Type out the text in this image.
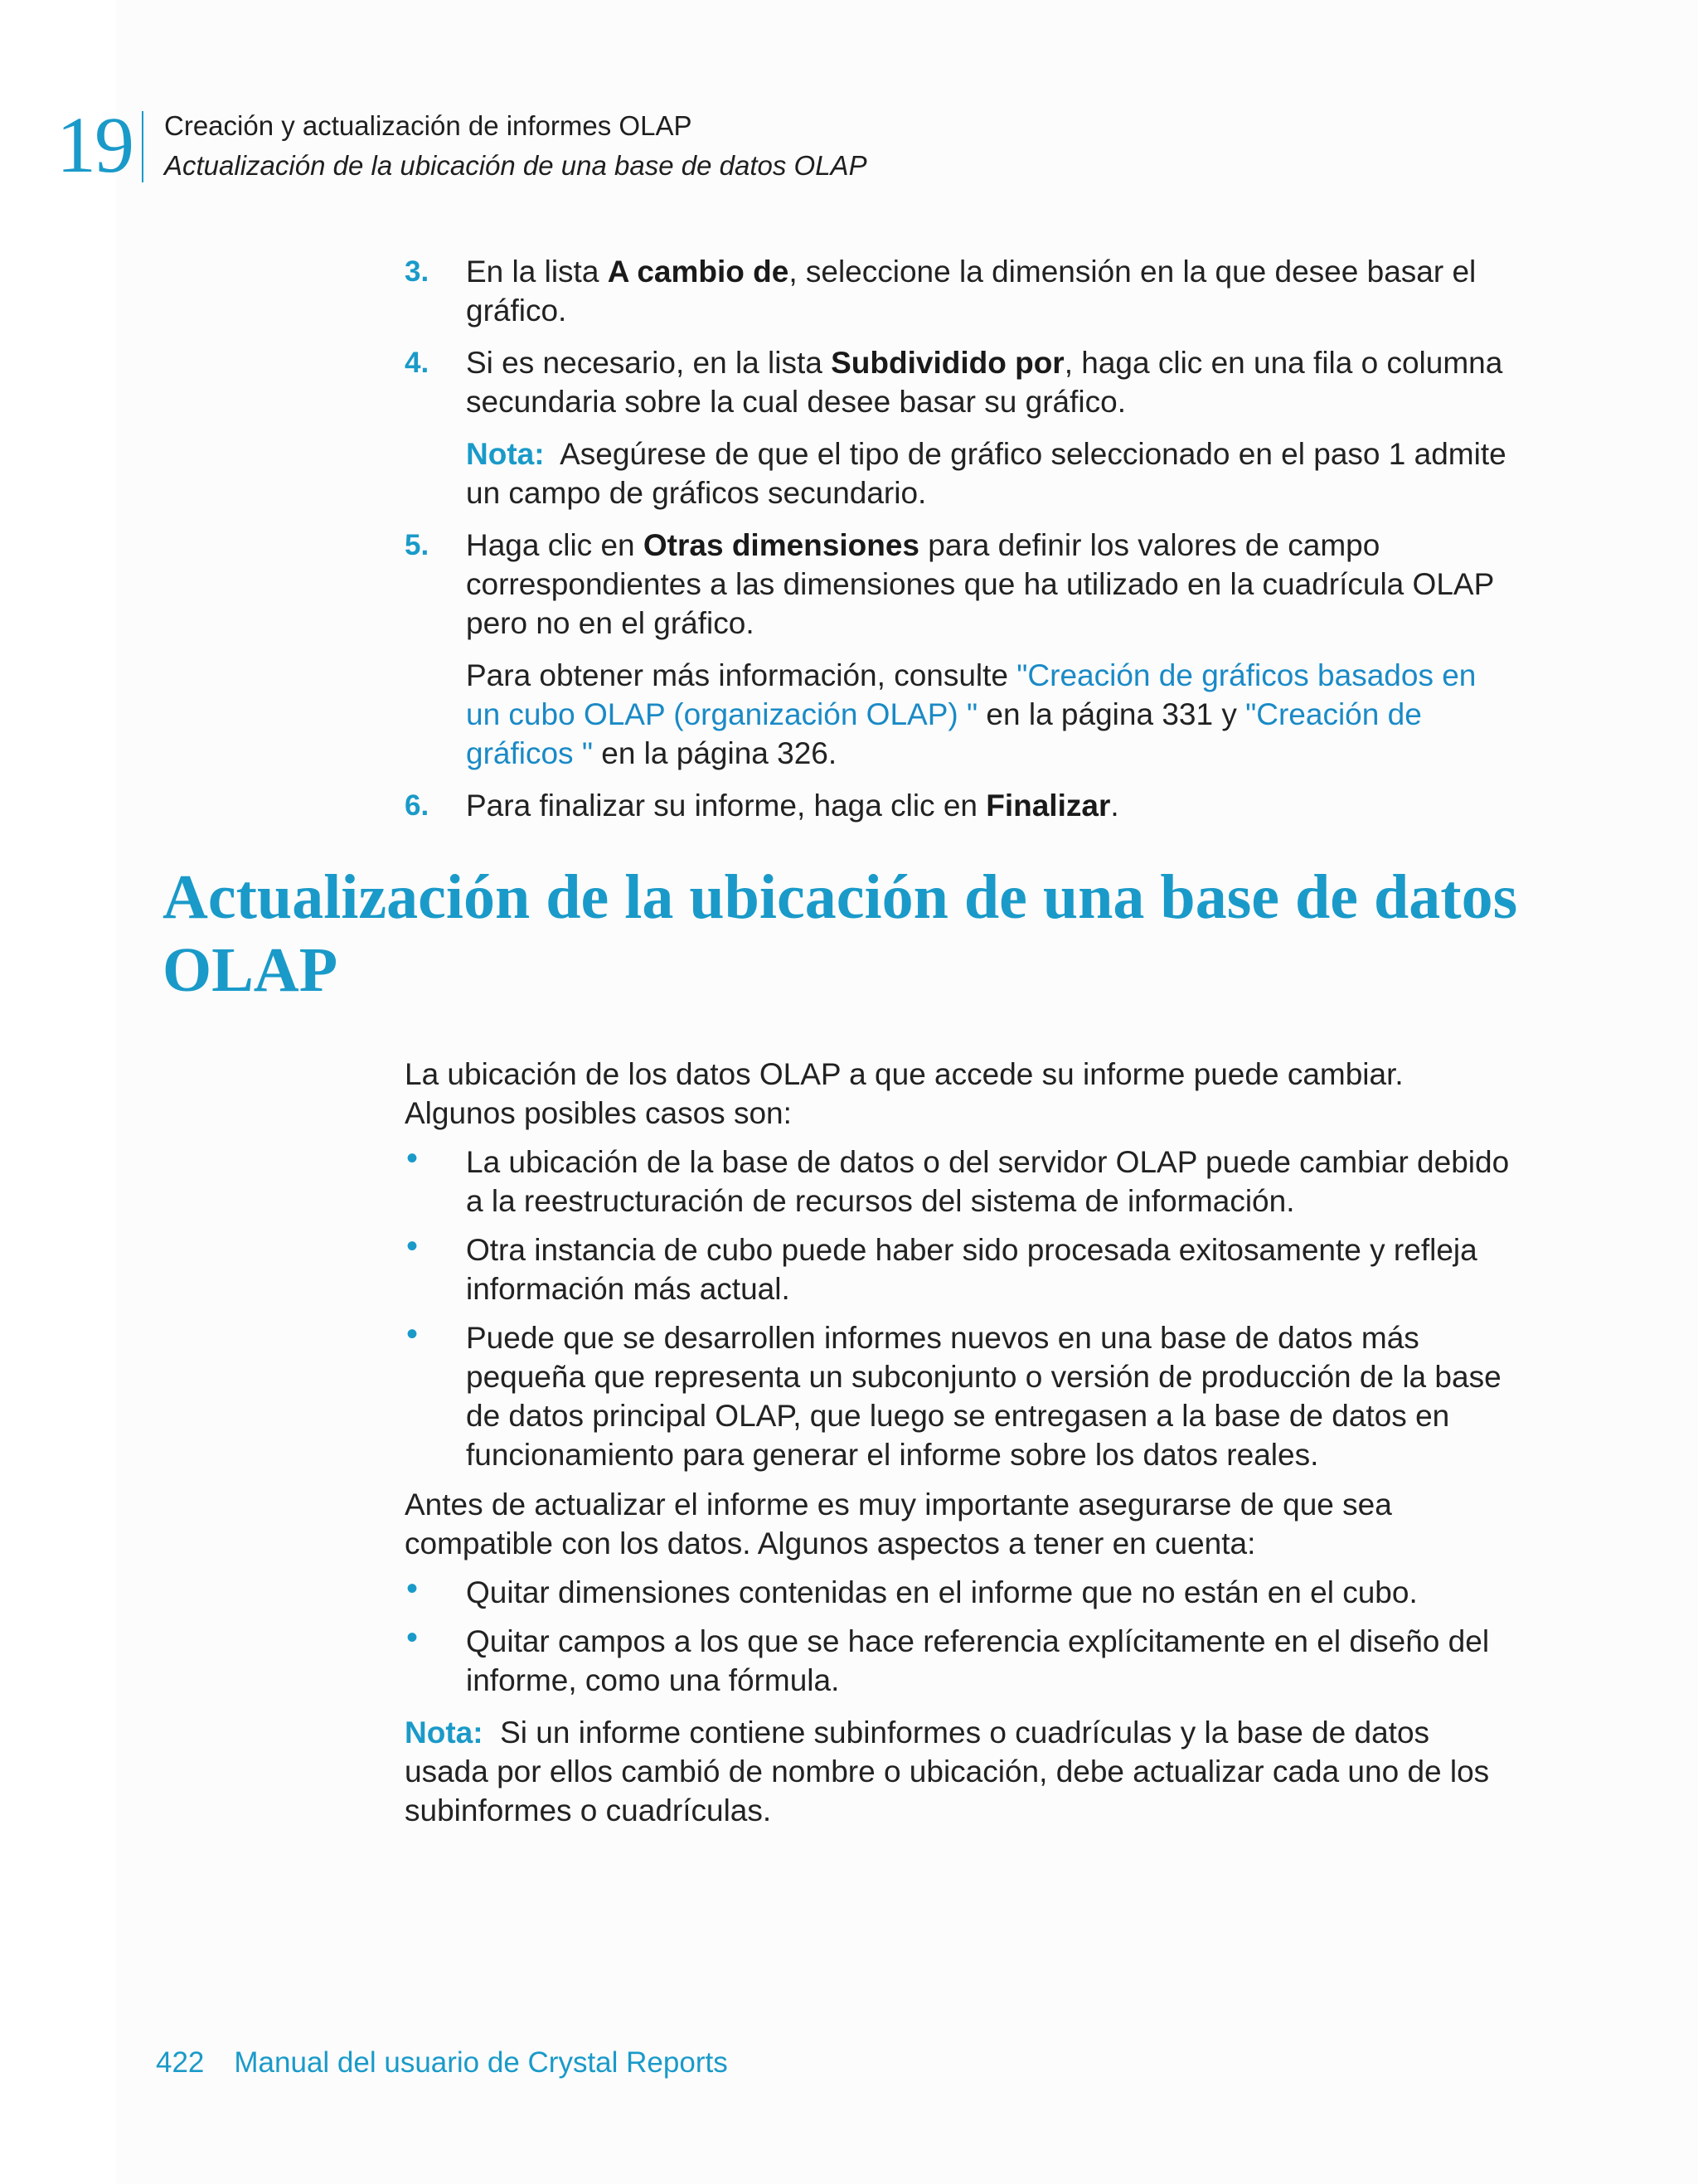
19 Creación y actualización de informes OLAP
Actualización de la ubicación de una base de datos OLAP
3. En la lista A cambio de, seleccione la dimensión en la que desee basar el gráfico.
4. Si es necesario, en la lista Subdividido por, haga clic en una fila o columna secundaria sobre la cual desee basar su gráfico.
Nota: Asegúrese de que el tipo de gráfico seleccionado en el paso 1 admite un campo de gráficos secundario.
5. Haga clic en Otras dimensiones para definir los valores de campo correspondientes a las dimensiones que ha utilizado en la cuadrícula OLAP pero no en el gráfico.
Para obtener más información, consulte "Creación de gráficos basados en un cubo OLAP (organización OLAP) " en la página 331 y "Creación de gráficos " en la página 326.
6. Para finalizar su informe, haga clic en Finalizar.
Actualización de la ubicación de una base de datos OLAP
La ubicación de los datos OLAP a que accede su informe puede cambiar. Algunos posibles casos son:
• La ubicación de la base de datos o del servidor OLAP puede cambiar debido a la reestructuración de recursos del sistema de información.
• Otra instancia de cubo puede haber sido procesada exitosamente y refleja información más actual.
• Puede que se desarrollen informes nuevos en una base de datos más pequeña que representa un subconjunto o versión de producción de la base de datos principal OLAP, que luego se entregasen a la base de datos en funcionamiento para generar el informe sobre los datos reales.
Antes de actualizar el informe es muy importante asegurarse de que sea compatible con los datos. Algunos aspectos a tener en cuenta:
• Quitar dimensiones contenidas en el informe que no están en el cubo.
• Quitar campos a los que se hace referencia explícitamente en el diseño del informe, como una fórmula.
Nota: Si un informe contiene subinformes o cuadrículas y la base de datos usada por ellos cambió de nombre o ubicación, debe actualizar cada uno de los subinformes o cuadrículas.
422 Manual del usuario de Crystal Reports
